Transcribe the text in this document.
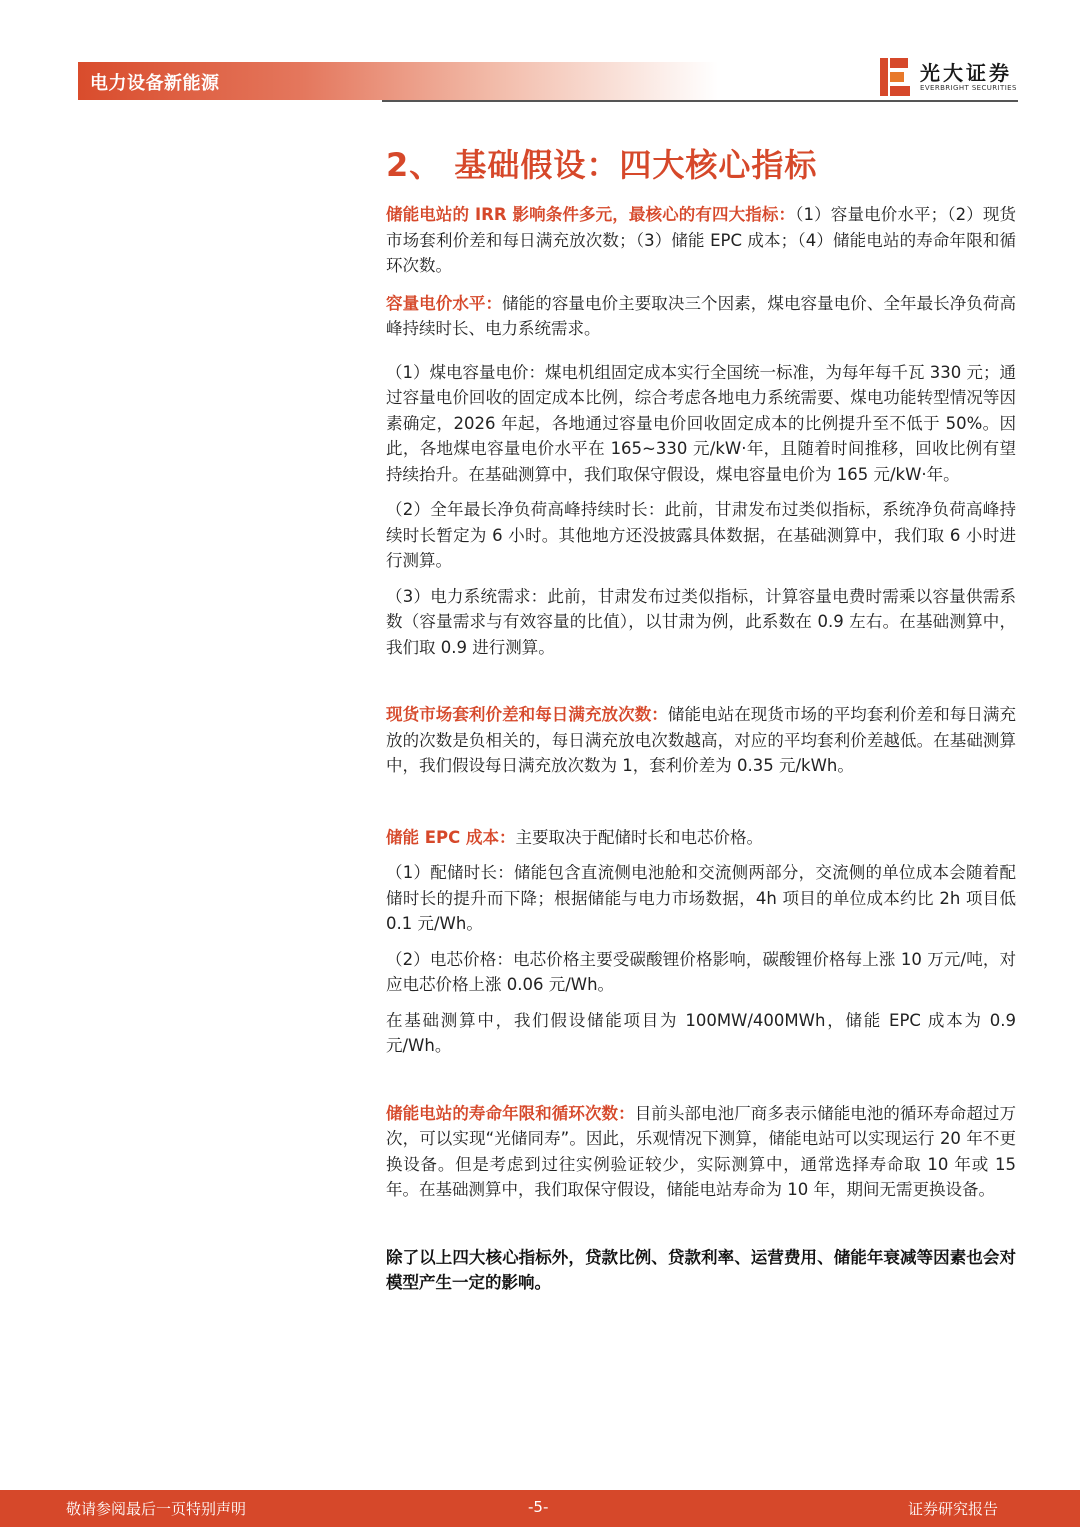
电力设备新能源	光大证券
EVERBRIGHT SECURITIES
2、 基础假设：四大核心指标

储能电站的 IRR 影响条件多元，最核心的有四大指标：（1）容量电价水平；（2）现货市场套利价差和每日满充放次数；（3）储能 EPC 成本；（4）储能电站的寿命年限和循环次数。

容量电价水平：储能的容量电价主要取决三个因素，煤电容量电价、全年最长净负荷高峰持续时长、电力系统需求。

（1）煤电容量电价：煤电机组固定成本实行全国统一标准，为每年每千瓦 330 元；通过容量电价回收的固定成本比例，综合考虑各地电力系统需要、煤电功能转型情况等因素确定，2026 年起，各地通过容量电价回收固定成本的比例提升至不低于 50%。因此，各地煤电容量电价水平在 165~330 元/kW·年，且随着时间推移，回收比例有望持续抬升。在基础测算中，我们取保守假设，煤电容量电价为 165 元/kW·年。

（2）全年最长净负荷高峰持续时长：此前，甘肃发布过类似指标，系统净负荷高峰持续时长暂定为 6 小时。其他地方还没披露具体数据，在基础测算中，我们取 6 小时进行测算。

（3）电力系统需求：此前，甘肃发布过类似指标，计算容量电费时需乘以容量供需系数（容量需求与有效容量的比值），以甘肃为例，此系数在 0.9 左右。在基础测算中，我们取 0.9 进行测算。

现货市场套利价差和每日满充放次数：储能电站在现货市场的平均套利价差和每日满充放的次数是负相关的，每日满充放电次数越高，对应的平均套利价差越低。在基础测算中，我们假设每日满充放次数为 1，套利价差为 0.35 元/kWh。

储能 EPC 成本：主要取决于配储时长和电芯价格。

（1）配储时长：储能包含直流侧电池舱和交流侧两部分，交流侧的单位成本会随着配储时长的提升而下降；根据储能与电力市场数据，4h 项目的单位成本约比 2h 项目低 0.1 元/Wh。

（2）电芯价格：电芯价格主要受碳酸锂价格影响，碳酸锂价格每上涨 10 万元/吨，对应电芯价格上涨 0.06 元/Wh。

在基础测算中，我们假设储能项目为 100MW/400MWh，储能 EPC 成本为 0.9 元/Wh。

储能电站的寿命年限和循环次数：目前头部电池厂商多表示储能电池的循环寿命超过万次，可以实现“光储同寿”。因此，乐观情况下测算，储能电站可以实现运行 20 年不更换设备。但是考虑到过往实例验证较少，实际测算中，通常选择寿命取 10 年或 15 年。在基础测算中，我们取保守假设，储能电站寿命为 10 年，期间无需更换设备。

除了以上四大核心指标外，贷款比例、贷款利率、运营费用、储能年衰减等因素也会对模型产生一定的影响。

敬请参阅最后一页特别声明	-5-	证券研究报告
